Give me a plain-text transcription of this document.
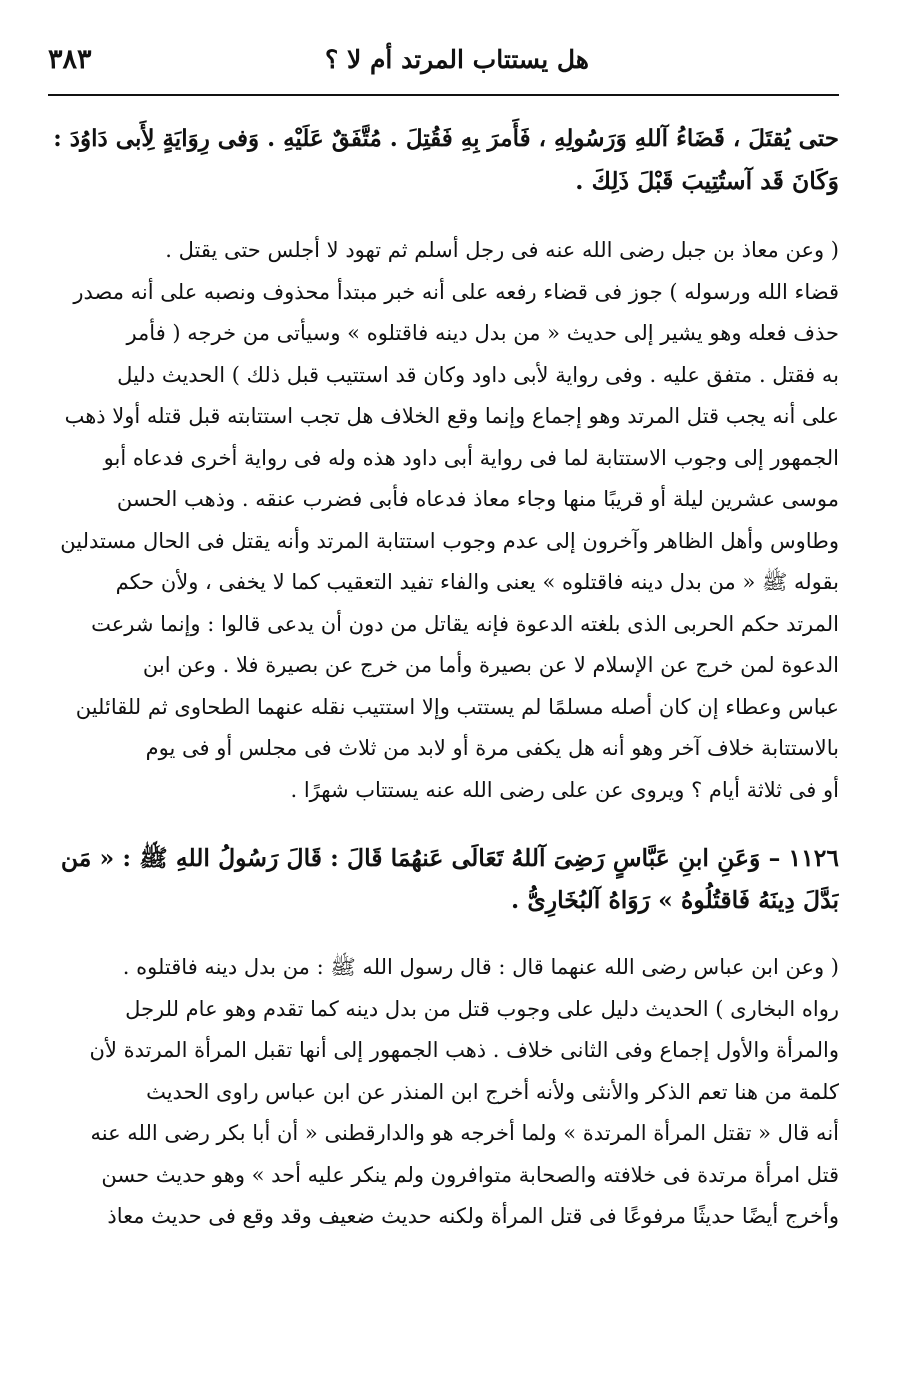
هل يستتاب المرتد أم لا ؟
٣٨٣
حتى يُقتَلَ ، قَضَاءُ آللهِ وَرَسُولِهِ ، فَأَمرَ بِهِ فَقُتِلَ . مُتَّفَقٌ عَلَيْهِ . وَفى رِوَايَةٍ لِأَبى دَاوُدَ :
وَكَانَ قَد آستُتِيبَ قَبْلَ ذَلِكَ .
( وعن معاذ بن جبل رضى الله عنه فى رجل أسلم ثم تهود لا أجلس حتى يقتل .
قضاء الله ورسوله ) جوز فى قضاء رفعه على أنه خبر مبتدأ محذوف ونصبه على أنه مصدر
حذف فعله وهو يشير إلى حديث « من بدل دينه فاقتلوه » وسيأتى من خرجه ( فأمر
به فقتل . متفق عليه . وفى رواية لأبى داود وكان قد استتيب قبل ذلك ) الحديث دليل
على أنه يجب قتل المرتد وهو إجماع وإنما وقع الخلاف هل تجب استتابته قبل قتله أولا ذهب
الجمهور إلى وجوب الاستتابة لما فى رواية أبى داود هذه وله فى رواية أخرى فدعاه أبو
موسى عشرين ليلة أو قريبًا منها وجاء معاذ فدعاه فأبى فضرب عنقه . وذهب الحسن
وطاوس وأهل الظاهر وآخرون إلى عدم وجوب استتابة المرتد وأنه يقتل فى الحال مستدلين
بقوله ﷺ « من بدل دينه فاقتلوه » يعنى والفاء تفيد التعقيب كما لا يخفى ، ولأن حكم
المرتد حكم الحربى الذى بلغته الدعوة فإنه يقاتل من دون أن يدعى قالوا : وإنما شرعت
الدعوة لمن خرج عن الإسلام لا عن بصيرة وأما من خرج عن بصيرة فلا . وعن ابن
عباس وعطاء إن كان أصله مسلمًا لم يستتب وإلا استتيب نقله عنهما الطحاوى ثم للقائلين
بالاستتابة خلاف آخر وهو أنه هل يكفى مرة أو لابد من ثلاث فى مجلس أو فى يوم
أو فى ثلاثة أيام ؟ ويروى عن على رضى الله عنه يستتاب شهرًا .
١١٢٦ – وَعَنِ ابنِ عَبَّاسٍ رَضِىَ آللهُ تَعَالَى عَنهُمَا قَالَ : قَالَ رَسُولُ اللهِ ﷺ : « مَن
بَدَّلَ دِينَهُ فَاقتُلُوهُ » رَوَاهُ آلبُخَارِىُّ .
( وعن ابن عباس رضى الله عنهما قال : قال رسول الله ﷺ : من بدل دينه فاقتلوه .
رواه البخارى ) الحديث دليل على وجوب قتل من بدل دينه كما تقدم وهو عام للرجل
والمرأة والأول إجماع وفى الثانى خلاف . ذهب الجمهور إلى أنها تقبل المرأة المرتدة لأن
كلمة من هنا تعم الذكر والأنثى ولأنه أخرج ابن المنذر عن ابن عباس راوى الحديث
أنه قال « تقتل المرأة المرتدة » ولما أخرجه هو والدارقطنى « أن أبا بكر رضى الله عنه
قتل امرأة مرتدة فى خلافته والصحابة متوافرون ولم ينكر عليه أحد » وهو حديث حسن
وأخرج أيضًا حديثًا مرفوعًا فى قتل المرأة ولكنه حديث ضعيف وقد وقع فى حديث معاذ
